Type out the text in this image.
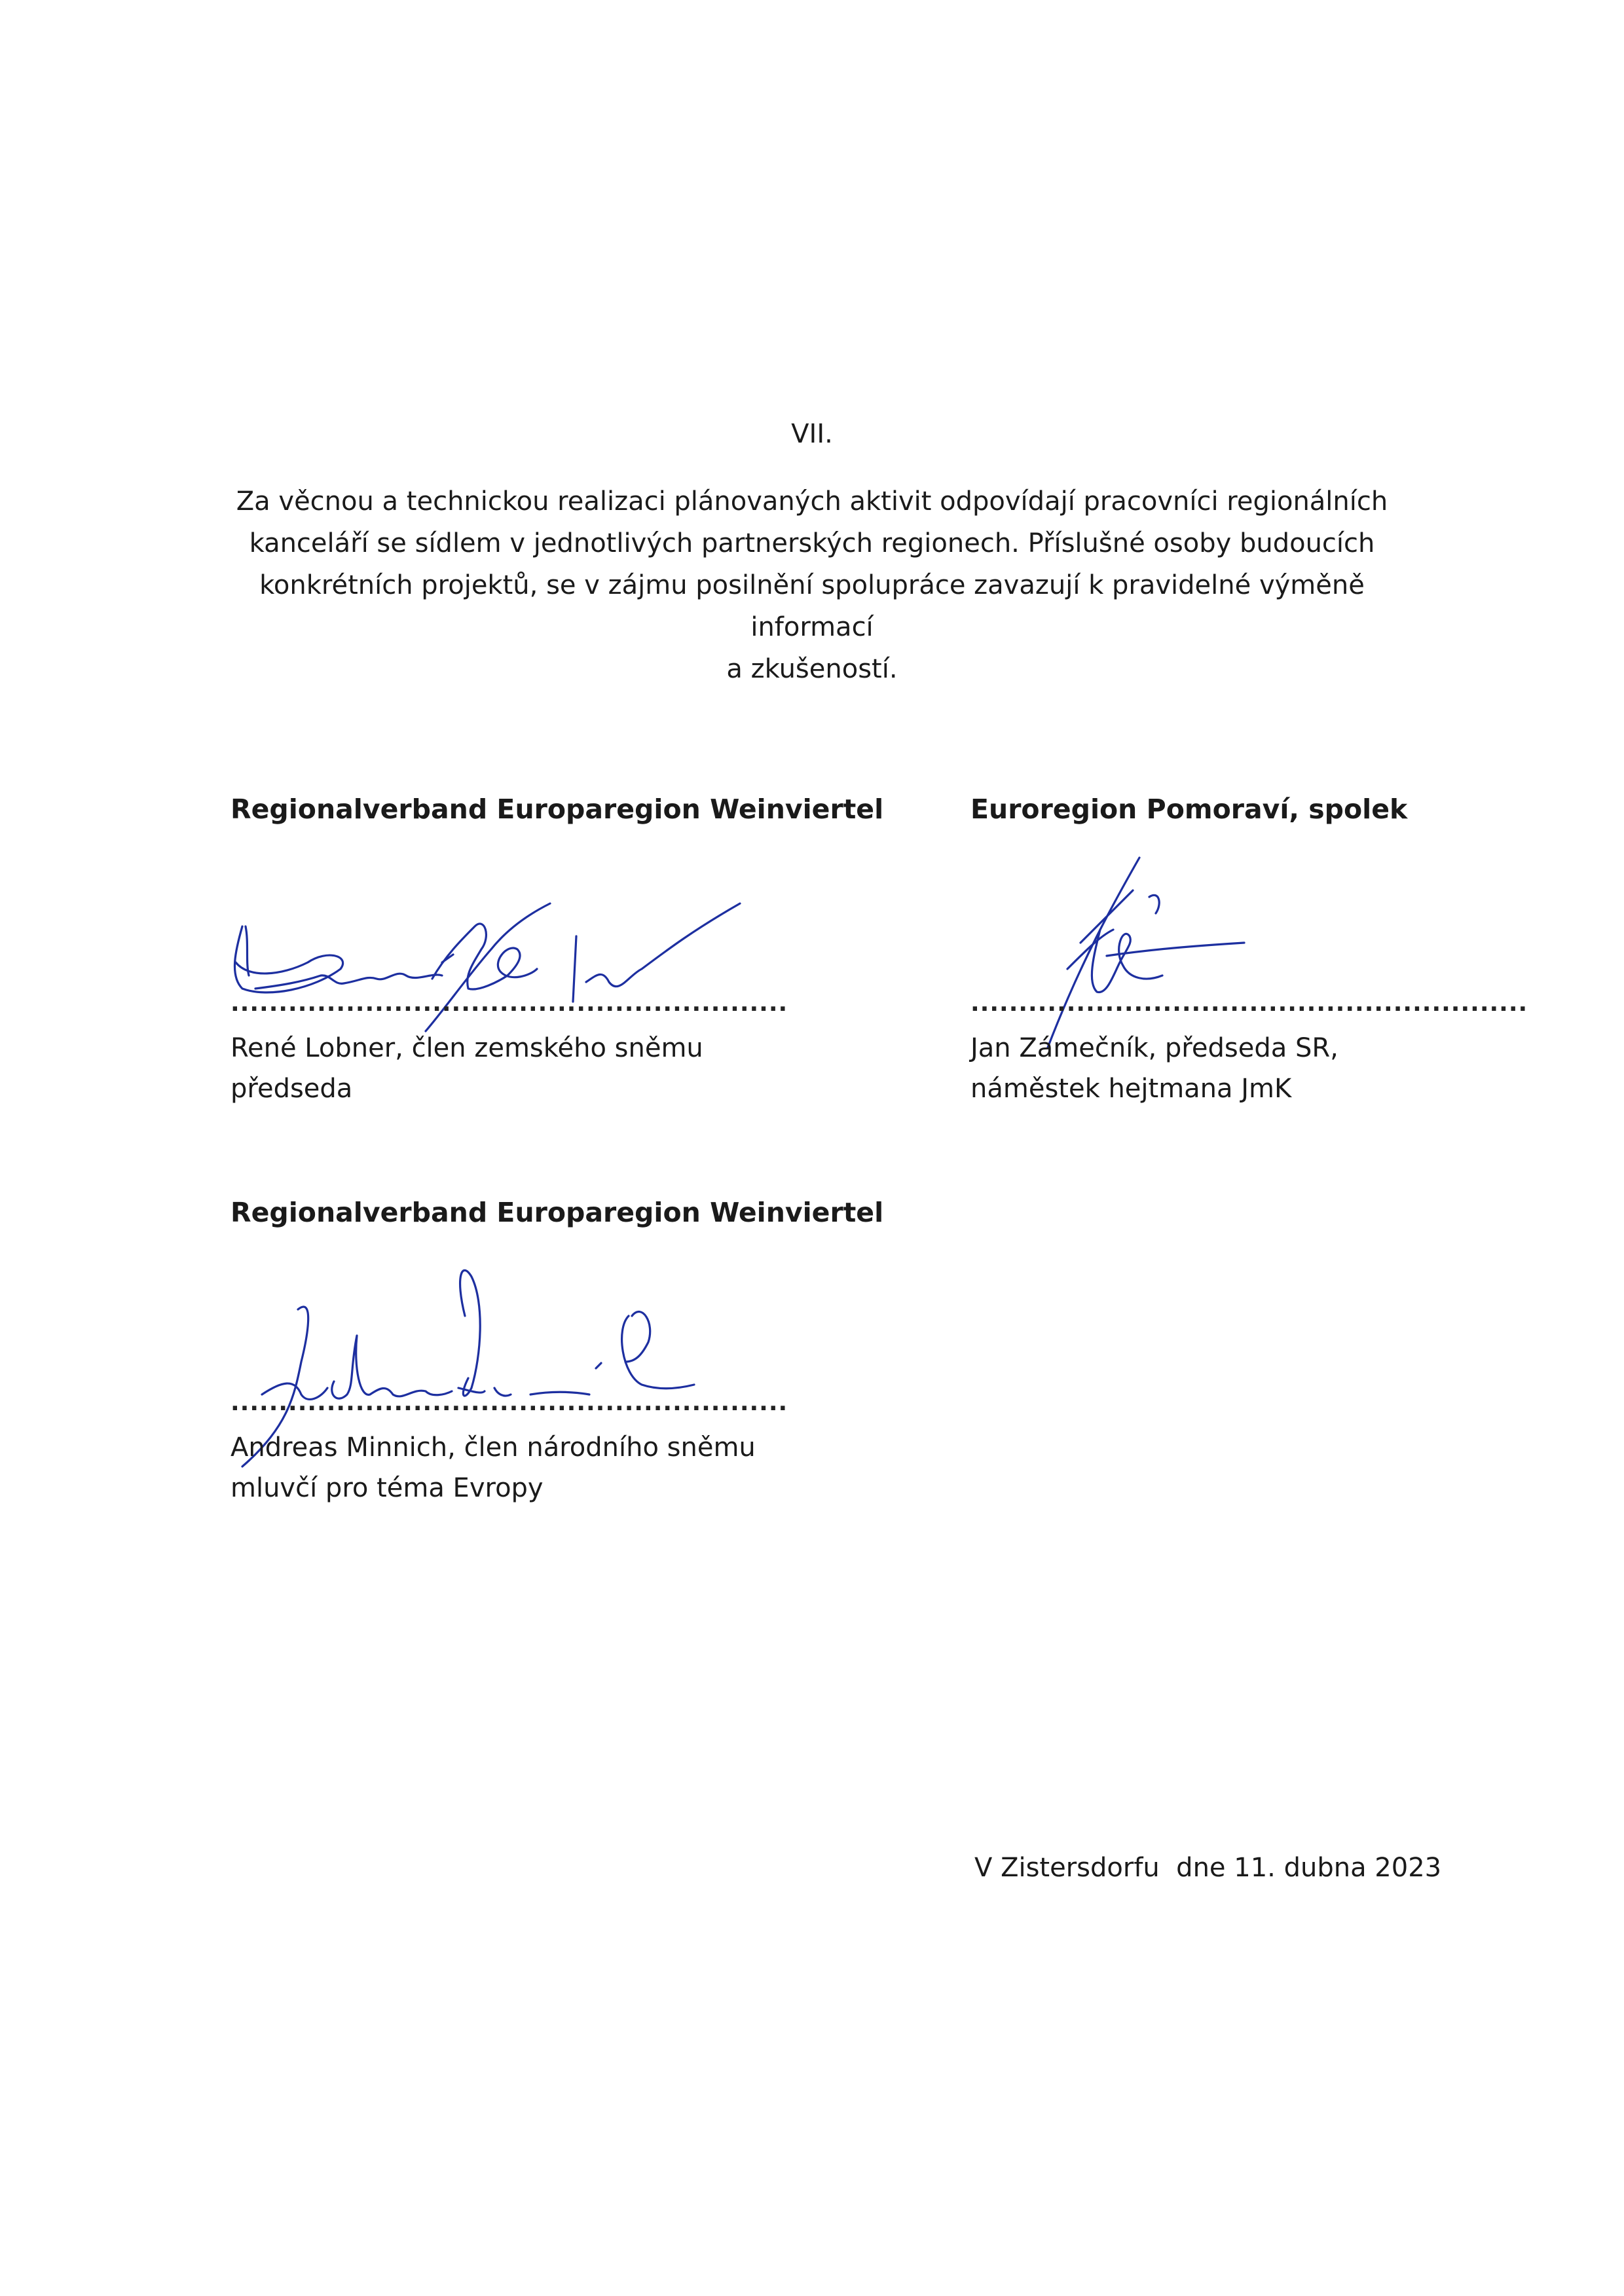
VII.
Za věcnou a technickou realizaci plánovaných aktivit odpovídají pracovníci regionálních
kanceláří se sídlem v jednotlivých partnerských regionech. Příslušné osoby budoucích
konkrétních projektů, se v zájmu posilnění spolupráce zavazují k pravidelné výměně informací
a zkušeností.
Regionalverband Europaregion Weinviertel
..........................................................
René Lobner, člen zemského sněmu
předseda
Euroregion Pomoraví, spolek
..........................................................
Jan Zámečník, předseda SR,
náměstek hejtmana JmK
Regionalverband Europaregion Weinviertel
..........................................................
Andreas Minnich, člen národního sněmu
mluvčí pro téma Evropy
V Zistersdorfu  dne 11. dubna 2023
